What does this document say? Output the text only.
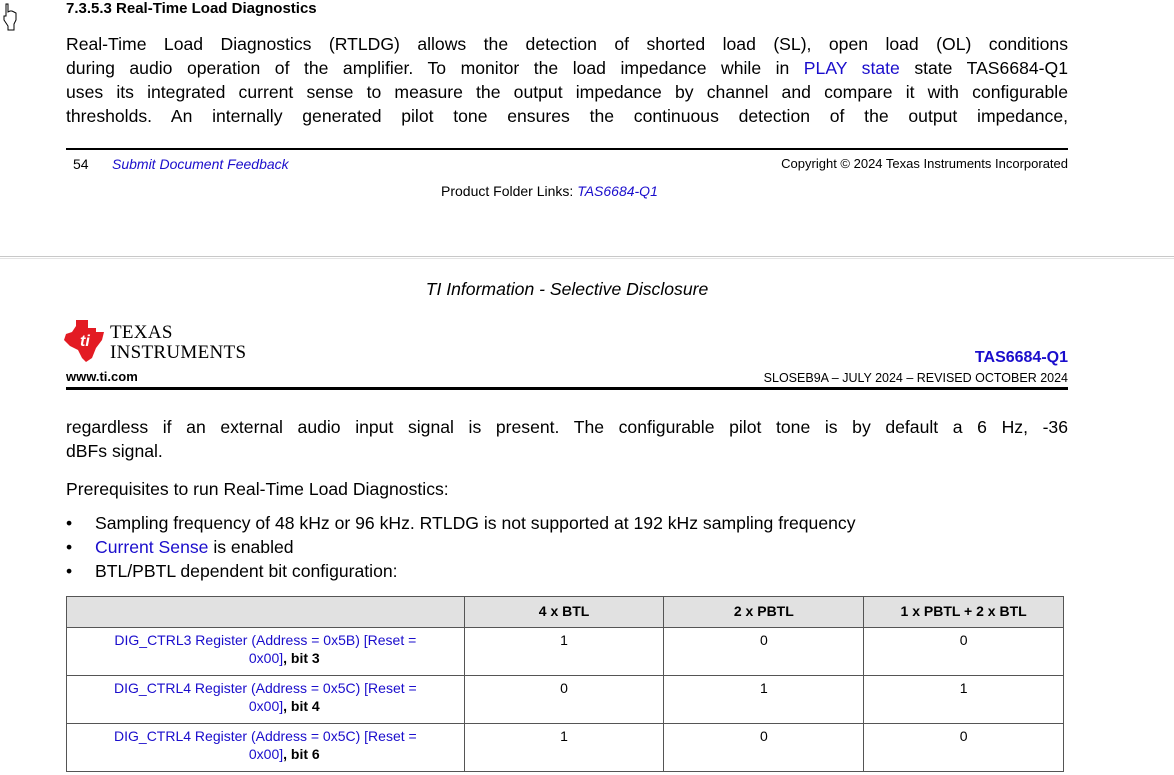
7.3.5.3 Real-Time Load Diagnostics
Real-Time Load Diagnostics (RTLDG) allows the detection of shorted load (SL), open load (OL) conditions
during audio operation of the amplifier. To monitor the load impedance while in PLAY state state TAS6684-Q1
uses its integrated current sense to measure the output impedance by channel and compare it with configurable
thresholds. An internally generated pilot tone ensures the continuous detection of the output impedance,
54 Submit Document Feedback	Copyright © 2024 Texas Instruments Incorporated
Product Folder Links: TAS6684-Q1
TI Information - Selective Disclosure
ti TEXAS
INSTRUMENTS
www.ti.com
TAS6684-Q1
SLOSEB9A – JULY 2024 – REVISED OCTOBER 2024
regardless if an external audio input signal is present. The configurable pilot tone is by default a 6 Hz, -36
dBFs signal.
Prerequisites to run Real-Time Load Diagnostics:
• Sampling frequency of 48 kHz or 96 kHz. RTLDG is not supported at 192 kHz sampling frequency
• Current Sense is enabled
• BTL/PBTL dependent bit configuration:
	4 x BTL	2 x PBTL	1 x PBTL + 2 x BTL
DIG_CTRL3 Register (Address = 0x5B) [Reset =
0x00], bit 3	1	0	0
DIG_CTRL4 Register (Address = 0x5C) [Reset =
0x00], bit 4	0	1	1
DIG_CTRL4 Register (Address = 0x5C) [Reset =
0x00], bit 6	1	0	0
